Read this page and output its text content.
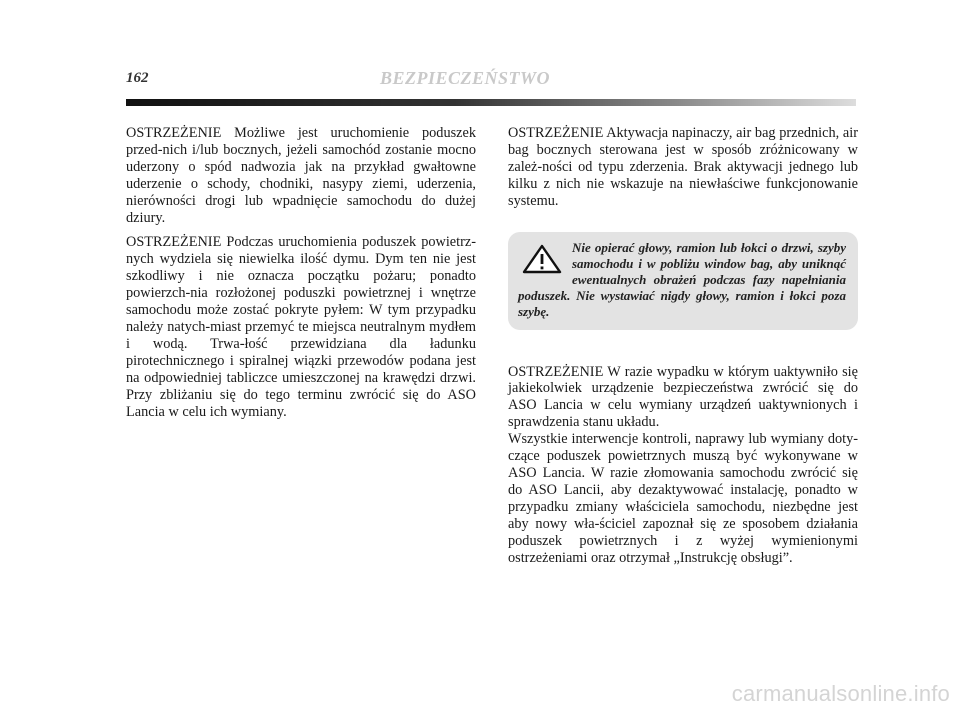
162	BEZPIECZEŃSTWO

OSTRZEŻENIE Możliwe jest uruchomienie poduszek przed-nich i/lub bocznych, jeżeli samochód zostanie mocno uderzony o spód nadwozia jak na przykład gwałtowne uderzenie o schody, chodniki, nasypy ziemi, uderzenia, nierówności drogi lub wpadnięcie samochodu do dużej dziury.

OSTRZEŻENIE Podczas uruchomienia poduszek powietrz-nych wydziela się niewielka ilość dymu. Dym ten nie jest szkodliwy i nie oznacza początku pożaru; ponadto powierzch-nia rozłożonej poduszki powietrznej i wnętrze samochodu może zostać pokryte pyłem: W tym przypadku należy natych-miast przemyć te miejsca neutralnym mydłem i wodą. Trwa-łość przewidziana dla ładunku pirotechnicznego i spiralnej wiązki przewodów podana jest na odpowiedniej tabliczce umieszczonej na krawędzi drzwi. Przy zbliżaniu się do tego terminu zwrócić się do ASO Lancia w celu ich wymiany.

OSTRZEŻENIE Aktywacja napinaczy, air bag przednich, air bag bocznych sterowana jest w sposób zróżnicowany w zależ-ności od typu zderzenia. Brak aktywacji jednego lub kilku z nich nie wskazuje na niewłaściwe funkcjonowanie systemu.

Nie opierać głowy, ramion lub łokci o drzwi, szyby samochodu i w pobliżu window bag, aby uniknąć ewentualnych obrażeń podczas fazy napełniania poduszek. Nie wystawiać nigdy głowy, ramion i łokci poza szybę.

OSTRZEŻENIE W razie wypadku w którym uaktywniło się jakiekolwiek urządzenie bezpieczeństwa zwrócić się do ASO Lancia w celu wymiany urządzeń uaktywnionych i sprawdzenia stanu układu.

Wszystkie interwencje kontroli, naprawy lub wymiany doty-czące poduszek powietrznych muszą być wykonywane w ASO Lancia. W razie złomowania samochodu zwrócić się do ASO Lancii, aby dezaktywować instalację, ponadto w przypadku zmiany właściciela samochodu, niezbędne jest aby nowy wła-ściciel zapoznał się ze sposobem działania poduszek powietrznych i z wyżej wymienionymi ostrzeżeniami oraz otrzymał „Instrukcję obsługi”.

carmanualsonline.info
